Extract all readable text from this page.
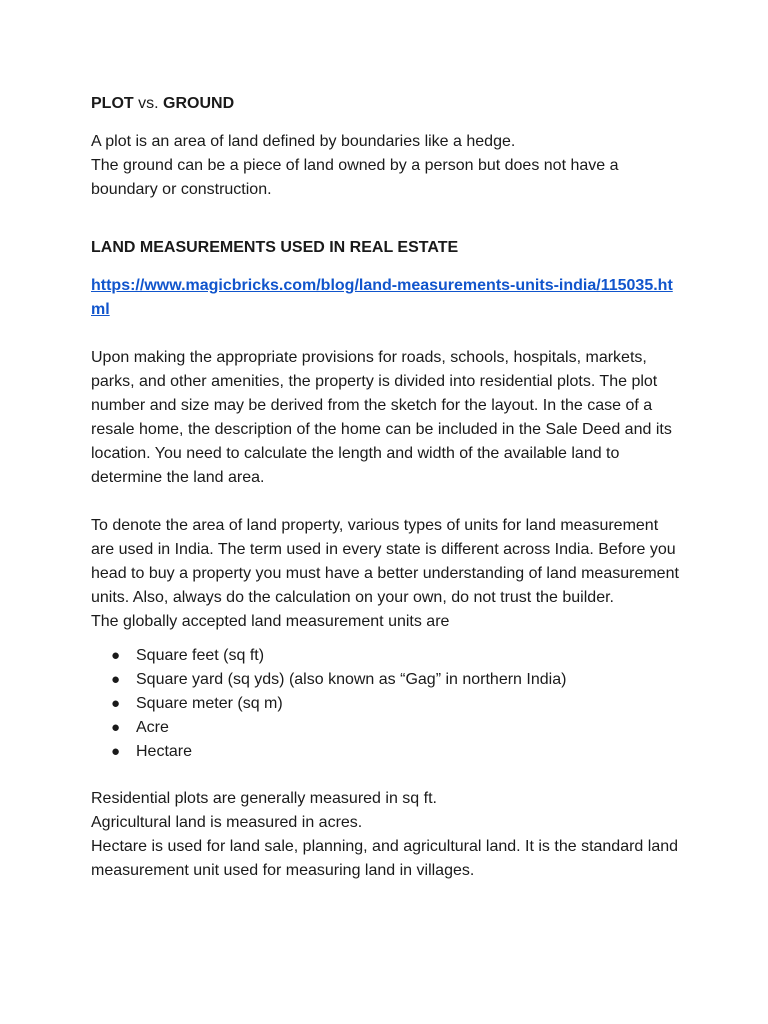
PLOT vs. GROUND

A plot is an area of land defined by boundaries like a hedge.

The ground can be a piece of land owned by a person but does not have a boundary or construction.

LAND MEASUREMENTS USED IN REAL ESTATE

https://www.magicbricks.com/blog/land-measurements-units-india/115035.html

Upon making the appropriate provisions for roads, schools, hospitals, markets, parks, and other amenities, the property is divided into residential plots. The plot number and size may be derived from the sketch for the layout. In the case of a resale home, the description of the home can be included in the Sale Deed and its location. You need to calculate the length and width of the available land to determine the land area.

To denote the area of land property, various types of units for land measurement are used in India. The term used in every state is different across India. Before you head to buy a property you must have a better understanding of land measurement units. Also, always do the calculation on your own, do not trust the builder.

The globally accepted land measurement units are

● Square feet (sq ft)
● Square yard (sq yds) (also known as “Gag” in northern India)
● Square meter (sq m)
● Acre
● Hectare

Residential plots are generally measured in sq ft.

Agricultural land is measured in acres.

Hectare is used for land sale, planning, and agricultural land. It is the standard land measurement unit used for measuring land in villages.
